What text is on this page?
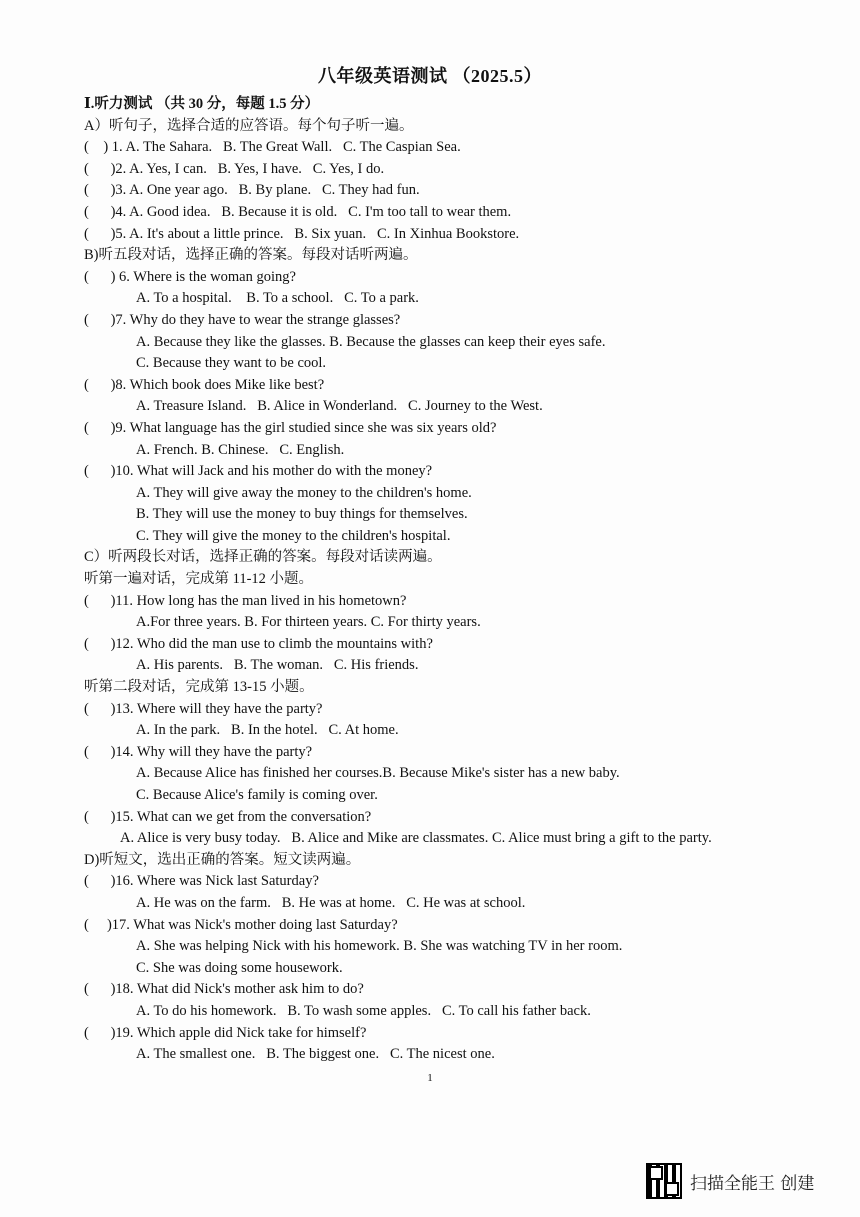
八年级英语测试 （2025.5）
Ⅰ.听力测试 （共 30 分，每题 1.5 分）
A）听句子，选择合适的应答语。每个句子听一遍。
(    ) 1. A. The Sahara.   B. The Great Wall.   C. The Caspian Sea.
(      )2. A. Yes, I can.   B. Yes, I have.   C. Yes, I do.
(      )3. A. One year ago.   B. By plane.   C. They had fun.
(      )4. A. Good idea.   B. Because it is old.   C. I'm too tall to wear them.
(      )5. A. It's about a little prince.   B. Six yuan.   C. In Xinhua Bookstore.
B)听五段对话，选择正确的答案。每段对话听两遍。
(      ) 6. Where is the woman going?
A. To a hospital.    B. To a school.   C. To a park.
(      )7. Why do they have to wear the strange glasses?
A. Because they like the glasses. B. Because the glasses can keep their eyes safe.
C. Because they want to be cool.
(      )8. Which book does Mike like best?
A. Treasure Island.   B. Alice in Wonderland.   C. Journey to the West.
(      )9. What language has the girl studied since she was six years old?
A. French. B. Chinese.   C. English.
(      )10. What will Jack and his mother do with the money?
A. They will give away the money to the children's home.
B. They will use the money to buy things for themselves.
C. They will give the money to the children's hospital.
C）听两段长对话，选择正确的答案。每段对话读两遍。
听第一遍对话，完成第 11-12 小题。
(      )11. How long has the man lived in his hometown?
A.For three years. B. For thirteen years. C. For thirty years.
(      )12. Who did the man use to climb the mountains with?
A. His parents.   B. The woman.   C. His friends.
听第二段对话，完成第 13-15 小题。
(      )13. Where will they have the party?
A. In the park.   B. In the hotel.   C. At home.
(      )14. Why will they have the party?
A. Because Alice has finished her courses.B. Because Mike's sister has a new baby.
C. Because Alice's family is coming over.
(      )15. What can we get from the conversation?
A. Alice is very busy today.   B. Alice and Mike are classmates. C. Alice must bring a gift to the party.
D)听短文，选出正确的答案。短文读两遍。
(      )16. Where was Nick last Saturday?
A. He was on the farm.   B. He was at home.   C. He was at school.
(     )17. What was Nick's mother doing last Saturday?
A. She was helping Nick with his homework. B. She was watching TV in her room.
C. She was doing some housework.
(      )18. What did Nick's mother ask him to do?
A. To do his homework.   B. To wash some apples.   C. To call his father back.
(      )19. Which apple did Nick take for himself?
A. The smallest one.   B. The biggest one.   C. The nicest one.
1
扫描全能王 创建
